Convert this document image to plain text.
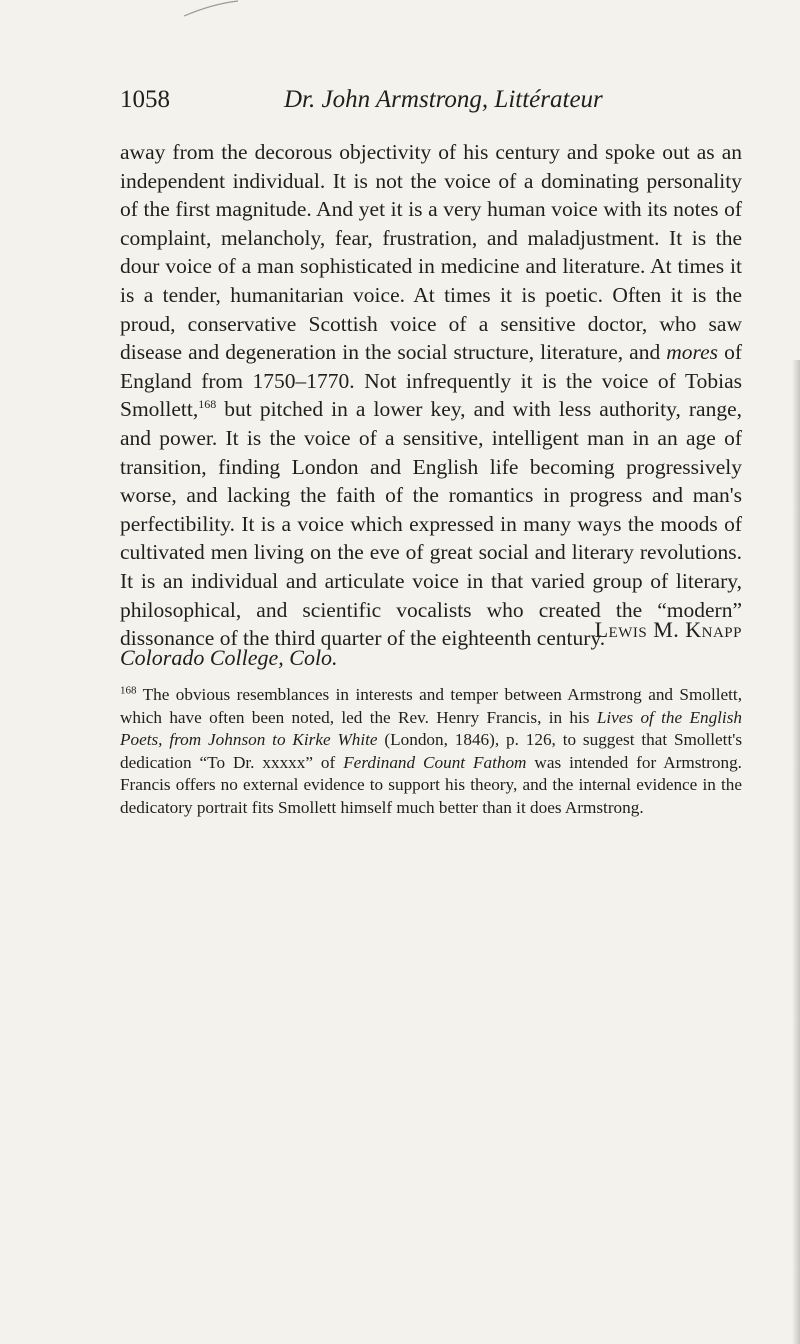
1058	Dr. John Armstrong, Littérateur
away from the decorous objectivity of his century and spoke out as an independent individual. It is not the voice of a dominating personality of the first magnitude. And yet it is a very human voice with its notes of complaint, melancholy, fear, frustration, and maladjustment. It is the dour voice of a man sophisticated in medicine and literature. At times it is a tender, humanitarian voice. At times it is poetic. Often it is the proud, conservative Scottish voice of a sensitive doctor, who saw disease and degeneration in the social structure, literature, and mores of England from 1750–1770. Not infrequently it is the voice of Tobias Smollett,$^{168}$ but pitched in a lower key, and with less authority, range, and power. It is the voice of a sensitive, intelligent man in an age of transition, finding London and English life becoming progressively worse, and lacking the faith of the romantics in progress and man's perfectibility. It is a voice which expressed in many ways the moods of cultivated men living on the eve of great social and literary revolutions. It is an individual and articulate voice in that varied group of literary, philosophical, and scientific vocalists who created the “modern” dissonance of the third quarter of the eighteenth century.
Lewis M. Knapp
Colorado College, Colo.
$^{168}$ The obvious resemblances in interests and temper between Armstrong and Smollett, which have often been noted, led the Rev. Henry Francis, in his Lives of the English Poets, from Johnson to Kirke White (London, 1846), p. 126, to suggest that Smollett's dedication “To Dr. xxxxx” of Ferdinand Count Fathom was intended for Armstrong. Francis offers no external evidence to support his theory, and the internal evidence in the dedicatory portrait fits Smollett himself much better than it does Armstrong.
